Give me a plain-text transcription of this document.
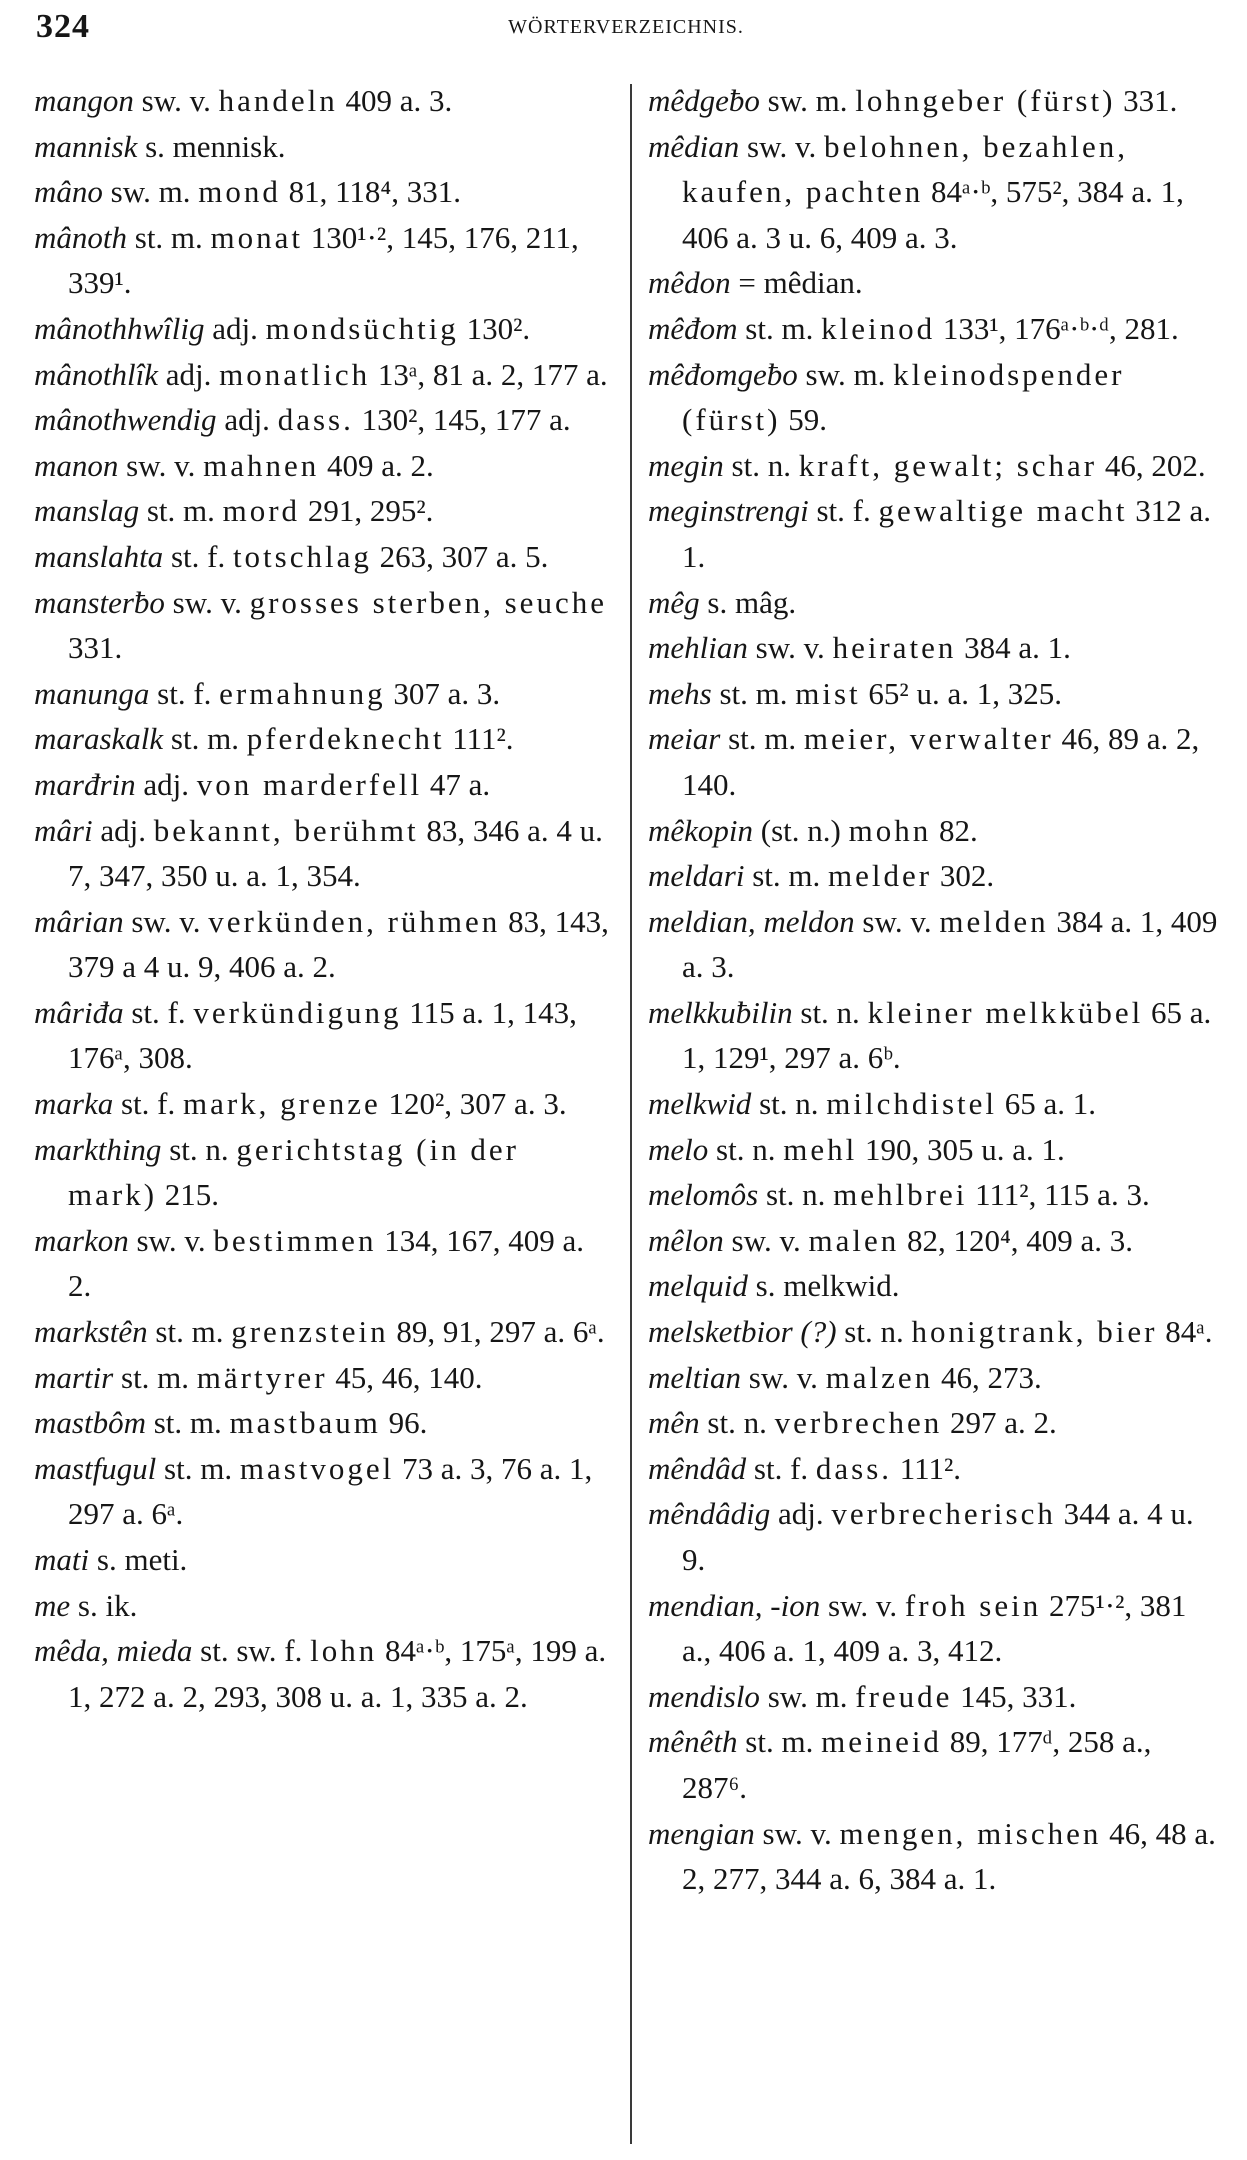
324	WÖRTERVERZEICHNIS.

mangon sw. v. handeln 409 a. 3.

mannisk s. mennisk.

mâno sw. m. mond 81, 118⁴, 331.

mânoth st. m. monat 130¹·², 145, 176, 211, 339¹.

mânothhwîlig adj. mondsüchtig 130².

mânothlîk adj. monatlich 13ᵃ, 81 a. 2, 177 a.

mânothwendig adj. dass. 130², 145, 177 a.

manon sw. v. mahnen 409 a. 2.

manslag st. m. mord 291, 295².

manslahta st. f. totschlag 263, 307 a. 5.

mansterƀo sw. v. grosses sterben, seuche 331.

manunga st. f. ermahnung 307 a. 3.

maraskalk st. m. pferdeknecht 111².

marđrin adj. von marderfell 47 a.

mâri adj. bekannt, berühmt 83, 346 a. 4 u. 7, 347, 350 u. a. 1, 354.

mârian sw. v. verkünden, rühmen 83, 143, 379 a 4 u. 9, 406 a. 2.

mâriđa st. f. verkündigung 115 a. 1, 143, 176ᵃ, 308.

marka st. f. mark, grenze 120², 307 a. 3.

markthing st. n. gerichtstag (in der mark) 215.

markon sw. v. bestimmen 134, 167, 409 a. 2.

markstên st. m. grenzstein 89, 91, 297 a. 6ᵃ.

martir st. m. märtyrer 45, 46, 140.

mastbôm st. m. mastbaum 96.

mastfugul st. m. mastvogel 73 a. 3, 76 a. 1, 297 a. 6ᵃ.

mati s. meti.

me s. ik.

mêda, mieda st. sw. f. lohn 84ᵃ·ᵇ, 175ᵃ, 199 a. 1, 272 a. 2, 293, 308 u. a. 1, 335 a. 2.

mêdgeƀo sw. m. lohngeber (fürst) 331.

mêdian sw. v. belohnen, bezahlen, kaufen, pachten 84ᵃ·ᵇ, 575², 384 a. 1, 406 a. 3 u. 6, 409 a. 3.

mêdon = mêdian.

mêđom st. m. kleinod 133¹, 176ᵃ·ᵇ·ᵈ, 281.

mêđomgeƀo sw. m. kleinodspender (fürst) 59.

megin st. n. kraft, gewalt; schar 46, 202.

meginstrengi st. f. gewaltige macht 312 a. 1.

mêg s. mâg.

mehlian sw. v. heiraten 384 a. 1.

mehs st. m. mist 65² u. a. 1, 325.

meiar st. m. meier, verwalter 46, 89 a. 2, 140.

mêkopin (st. n.) mohn 82.

meldari st. m. melder 302.

meldian, meldon sw. v. melden 384 a. 1, 409 a. 3.

melkkuƀilin st. n. kleiner melkkübel 65 a. 1, 129¹, 297 a. 6ᵇ.

melkwid st. n. milchdistel 65 a. 1.

melo st. n. mehl 190, 305 u. a. 1.

melomôs st. n. mehlbrei 111², 115 a. 3.

mêlon sw. v. malen 82, 120⁴, 409 a. 3.

melquid s. melkwid.

melsketbior (?) st. n. honigtrank, bier 84ᵃ.

meltian sw. v. malzen 46, 273.

mên st. n. verbrechen 297 a. 2.

mêndâd st. f. dass. 111².

mêndâdig adj. verbrecherisch 344 a. 4 u. 9.

mendian, -ion sw. v. froh sein 275¹·², 381 a., 406 a. 1, 409 a. 3, 412.

mendislo sw. m. freude 145, 331.

mênêth st. m. meineid 89, 177ᵈ, 258 a., 287⁶.

mengian sw. v. mengen, mischen 46, 48 a. 2, 277, 344 a. 6, 384 a. 1.
